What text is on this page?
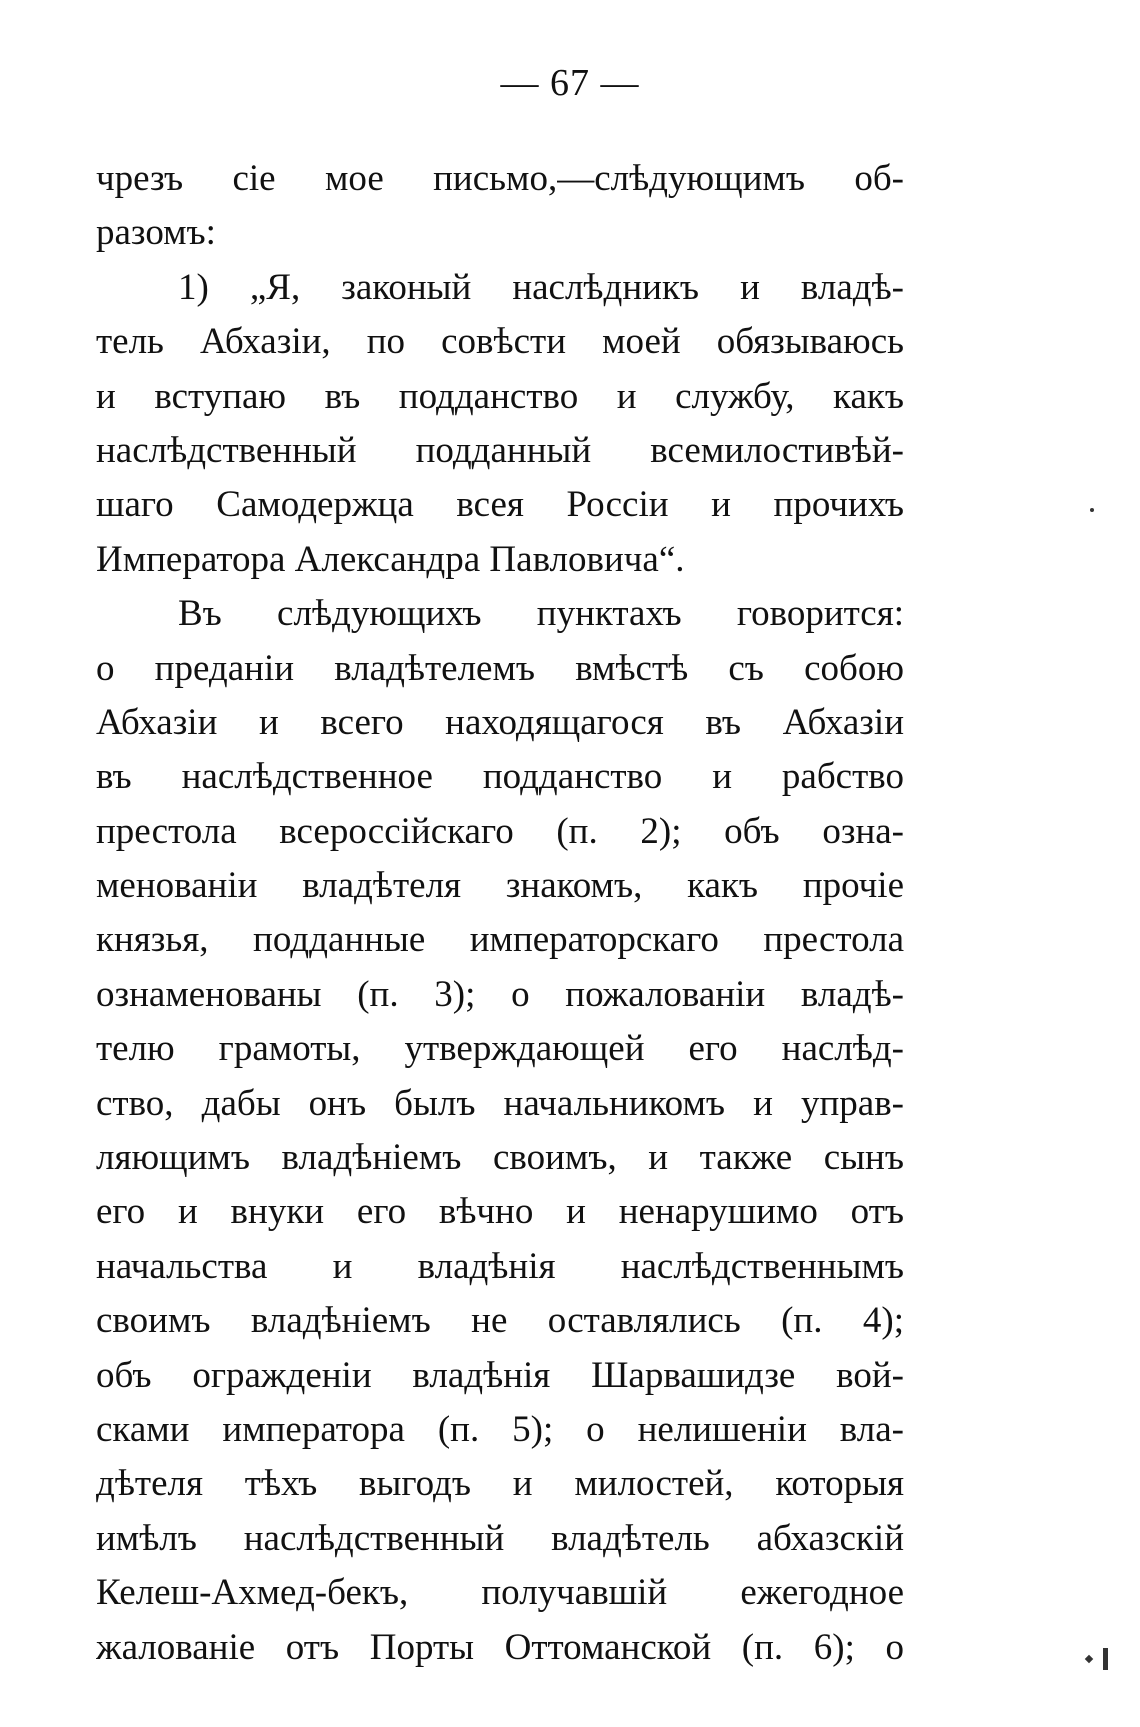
— 67 —
чрезъ сіе мое письмо,—слѣдующимъ об-
разомъ:
1) „Я, законый наслѣдникъ и владѣ-
тель Абхазіи, по совѣсти моей обязываюсь
и вступаю въ подданство и службу, какъ
наслѣдственный подданный всемилостивѣй-
шаго Самодержца всея Россіи и прочихъ
Императора Александра Павловича“.
Въ слѣдующихъ пунктахъ говорится:
о преданіи владѣтелемъ вмѣстѣ съ собою
Абхазіи и всего находящагося въ Абхазіи
въ наслѣдственное подданство и рабство
престола всероссійскаго (п. 2); объ озна-
менованіи владѣтеля знакомъ, какъ прочіе
князья, подданные императорскаго престола
ознаменованы (п. 3); о пожалованіи владѣ-
телю грамоты, утверждающей его наслѣд-
ство, дабы онъ былъ начальникомъ и управ-
ляющимъ владѣніемъ своимъ, и также сынъ
его и внуки его вѣчно и ненарушимо отъ
начальства и владѣнія наслѣдственнымъ
своимъ владѣніемъ не оставлялись (п. 4);
объ огражденіи владѣнія Шарвашидзе вой-
сками императора (п. 5); о нелишеніи вла-
дѣтеля тѣхъ выгодъ и милостей, которыя
имѣлъ наслѣдственный владѣтель абхазскій
Келеш-Ахмед-бекъ, получавшій ежегодное
жалованіе отъ Порты Оттоманской (п. 6); о
